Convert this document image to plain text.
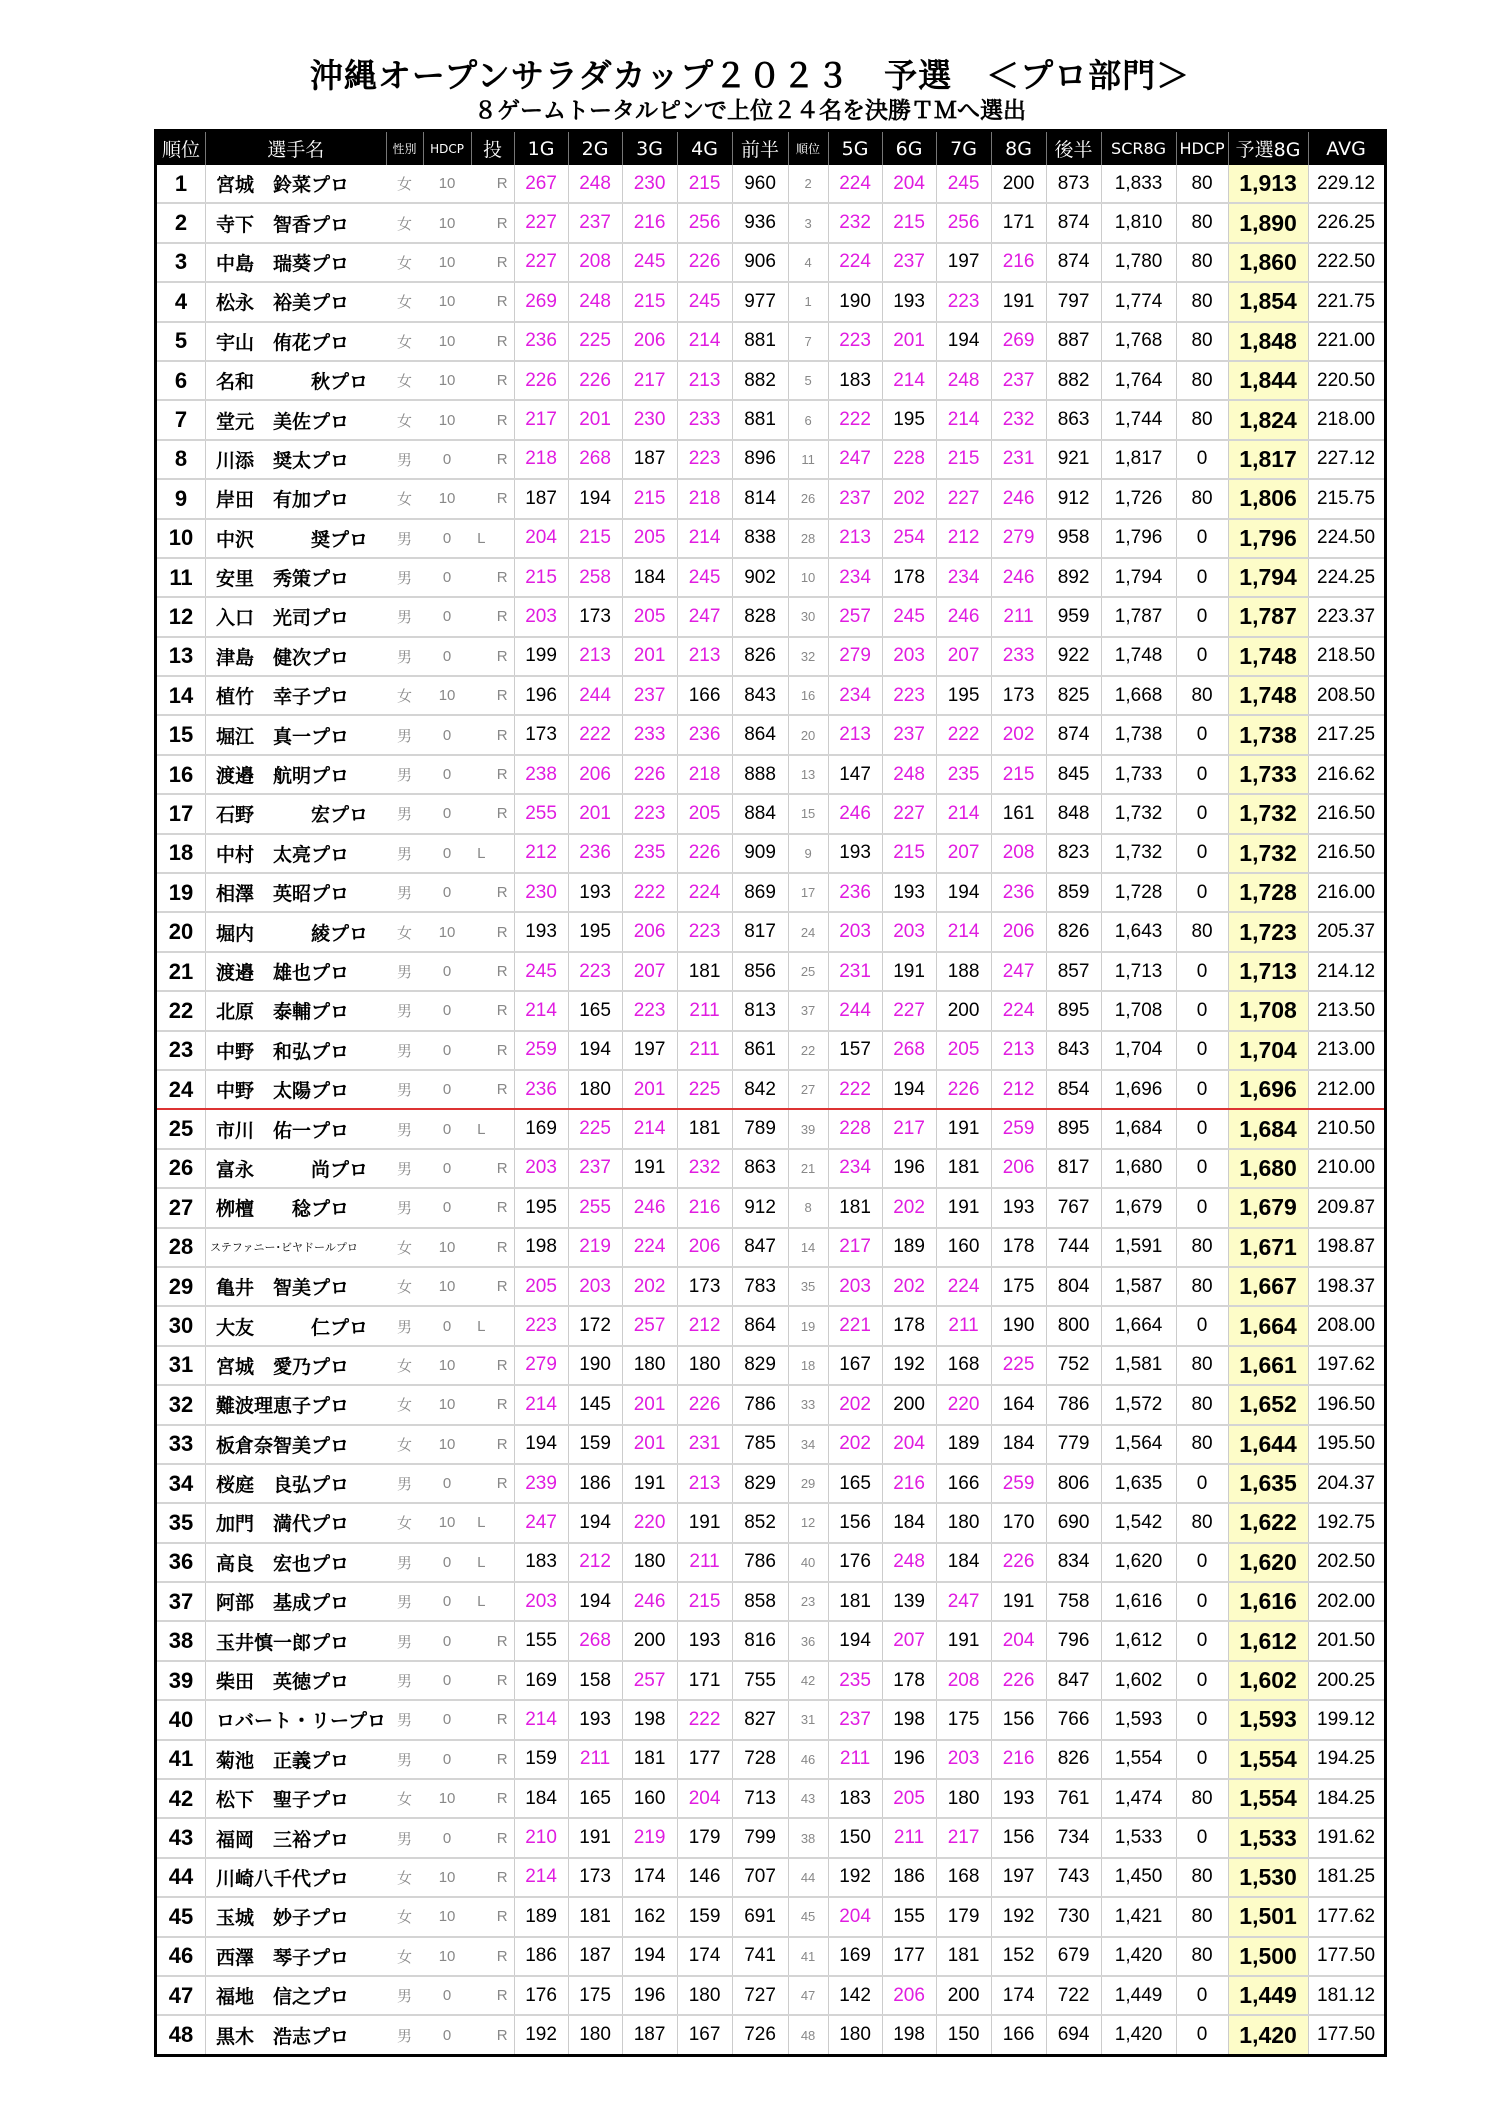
沖縄オープンサラダカップ２０２３　予選　＜プロ部門＞
８ゲームトータルピンで上位２４名を決勝ＴＭへ選出
順位	選手名	性別	HDCP	投	1G	2G	3G	4G	前半	順位	5G	6G	7G	8G	後半	SCR8G	HDCP	予選8G	AVG
1	宮城　鈴菜プロ	女	10	R	267	248	230	215	960	2	224	204	245	200	873	1,833	80	1,913	229.12
2	寺下　智香プロ	女	10	R	227	237	216	256	936	3	232	215	256	171	874	1,810	80	1,890	226.25
3	中島　瑞葵プロ	女	10	R	227	208	245	226	906	4	224	237	197	216	874	1,780	80	1,860	222.50
4	松永　裕美プロ	女	10	R	269	248	215	245	977	1	190	193	223	191	797	1,774	80	1,854	221.75
5	宇山　侑花プロ	女	10	R	236	225	206	214	881	7	223	201	194	269	887	1,768	80	1,848	221.00
6	名和　　　秋プロ	女	10	R	226	226	217	213	882	5	183	214	248	237	882	1,764	80	1,844	220.50
7	堂元　美佐プロ	女	10	R	217	201	230	233	881	6	222	195	214	232	863	1,744	80	1,824	218.00
8	川添　奨太プロ	男	0	R	218	268	187	223	896	11	247	228	215	231	921	1,817	0	1,817	227.12
9	岸田　有加プロ	女	10	R	187	194	215	218	814	26	237	202	227	246	912	1,726	80	1,806	215.75
10	中沢　　　奨プロ	男	0	L	204	215	205	214	838	28	213	254	212	279	958	1,796	0	1,796	224.50
11	安里　秀策プロ	男	0	R	215	258	184	245	902	10	234	178	234	246	892	1,794	0	1,794	224.25
12	入口　光司プロ	男	0	R	203	173	205	247	828	30	257	245	246	211	959	1,787	0	1,787	223.37
13	津島　健次プロ	男	0	R	199	213	201	213	826	32	279	203	207	233	922	1,748	0	1,748	218.50
14	植竹　幸子プロ	女	10	R	196	244	237	166	843	16	234	223	195	173	825	1,668	80	1,748	208.50
15	堀江　真一プロ	男	0	R	173	222	233	236	864	20	213	237	222	202	874	1,738	0	1,738	217.25
16	渡邉　航明プロ	男	0	R	238	206	226	218	888	13	147	248	235	215	845	1,733	0	1,733	216.62
17	石野　　　宏プロ	男	0	R	255	201	223	205	884	15	246	227	214	161	848	1,732	0	1,732	216.50
18	中村　太亮プロ	男	0	L	212	236	235	226	909	9	193	215	207	208	823	1,732	0	1,732	216.50
19	相澤　英昭プロ	男	0	R	230	193	222	224	869	17	236	193	194	236	859	1,728	0	1,728	216.00
20	堀内　　　綾プロ	女	10	R	193	195	206	223	817	24	203	203	214	206	826	1,643	80	1,723	205.37
21	渡邉　雄也プロ	男	0	R	245	223	207	181	856	25	231	191	188	247	857	1,713	0	1,713	214.12
22	北原　泰輔プロ	男	0	R	214	165	223	211	813	37	244	227	200	224	895	1,708	0	1,708	213.50
23	中野　和弘プロ	男	0	R	259	194	197	211	861	22	157	268	205	213	843	1,704	0	1,704	213.00
24	中野　太陽プロ	男	0	R	236	180	201	225	842	27	222	194	226	212	854	1,696	0	1,696	212.00
25	市川　佑一プロ	男	0	L	169	225	214	181	789	39	228	217	191	259	895	1,684	0	1,684	210.50
26	富永　　　尚プロ	男	0	R	203	237	191	232	863	21	234	196	181	206	817	1,680	0	1,680	210.00
27	栁檀　　稔プロ	男	0	R	195	255	246	216	912	8	181	202	191	193	767	1,679	0	1,679	209.87
28	ステファニー･ビヤドールプロ	女	10	R	198	219	224	206	847	14	217	189	160	178	744	1,591	80	1,671	198.87
29	亀井　智美プロ	女	10	R	205	203	202	173	783	35	203	202	224	175	804	1,587	80	1,667	198.37
30	大友　　　仁プロ	男	0	L	223	172	257	212	864	19	221	178	211	190	800	1,664	0	1,664	208.00
31	宮城　愛乃プロ	女	10	R	279	190	180	180	829	18	167	192	168	225	752	1,581	80	1,661	197.62
32	難波理恵子プロ	女	10	R	214	145	201	226	786	33	202	200	220	164	786	1,572	80	1,652	196.50
33	板倉奈智美プロ	女	10	R	194	159	201	231	785	34	202	204	189	184	779	1,564	80	1,644	195.50
34	桜庭　良弘プロ	男	0	R	239	186	191	213	829	29	165	216	166	259	806	1,635	0	1,635	204.37
35	加門　満代プロ	女	10	L	247	194	220	191	852	12	156	184	180	170	690	1,542	80	1,622	192.75
36	高良　宏也プロ	男	0	L	183	212	180	211	786	40	176	248	184	226	834	1,620	0	1,620	202.50
37	阿部　基成プロ	男	0	L	203	194	246	215	858	23	181	139	247	191	758	1,616	0	1,616	202.00
38	玉井慎一郎プロ	男	0	R	155	268	200	193	816	36	194	207	191	204	796	1,612	0	1,612	201.50
39	柴田　英徳プロ	男	0	R	169	158	257	171	755	42	235	178	208	226	847	1,602	0	1,602	200.25
40	ロバート・リープロ	男	0	R	214	193	198	222	827	31	237	198	175	156	766	1,593	0	1,593	199.12
41	菊池　正義プロ	男	0	R	159	211	181	177	728	46	211	196	203	216	826	1,554	0	1,554	194.25
42	松下　聖子プロ	女	10	R	184	165	160	204	713	43	183	205	180	193	761	1,474	80	1,554	184.25
43	福岡　三裕プロ	男	0	R	210	191	219	179	799	38	150	211	217	156	734	1,533	0	1,533	191.62
44	川崎八千代プロ	女	10	R	214	173	174	146	707	44	192	186	168	197	743	1,450	80	1,530	181.25
45	玉城　妙子プロ	女	10	R	189	181	162	159	691	45	204	155	179	192	730	1,421	80	1,501	177.62
46	西澤　琴子プロ	女	10	R	186	187	194	174	741	41	169	177	181	152	679	1,420	80	1,500	177.50
47	福地　信之プロ	男	0	R	176	175	196	180	727	47	142	206	200	174	722	1,449	0	1,449	181.12
48	黒木　浩志プロ	男	0	R	192	180	187	167	726	48	180	198	150	166	694	1,420	0	1,420	177.50
